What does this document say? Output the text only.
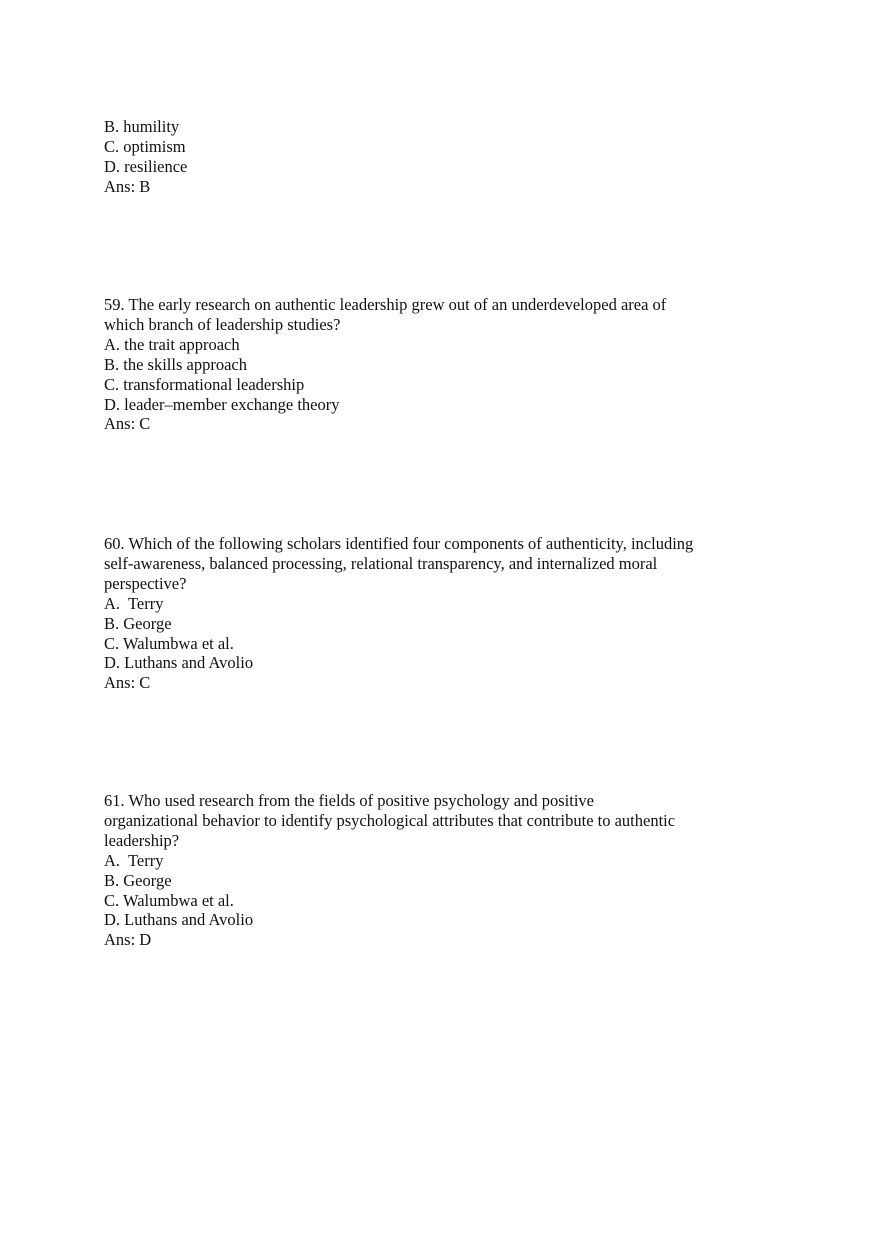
B. humility
C. optimism
D. resilience
Ans: B
59. The early research on authentic leadership grew out of an underdeveloped area of
which branch of leadership studies?
A. the trait approach
B. the skills approach
C. transformational leadership
D. leader–member exchange theory
Ans: C
60. Which of the following scholars identified four components of authenticity, including
self-awareness, balanced processing, relational transparency, and internalized moral
perspective?
A.  Terry
B. George
C. Walumbwa et al.
D. Luthans and Avolio
Ans: C
61. Who used research from the fields of positive psychology and positive
organizational behavior to identify psychological attributes that contribute to authentic
leadership?
A.  Terry
B. George
C. Walumbwa et al.
D. Luthans and Avolio
Ans: D
